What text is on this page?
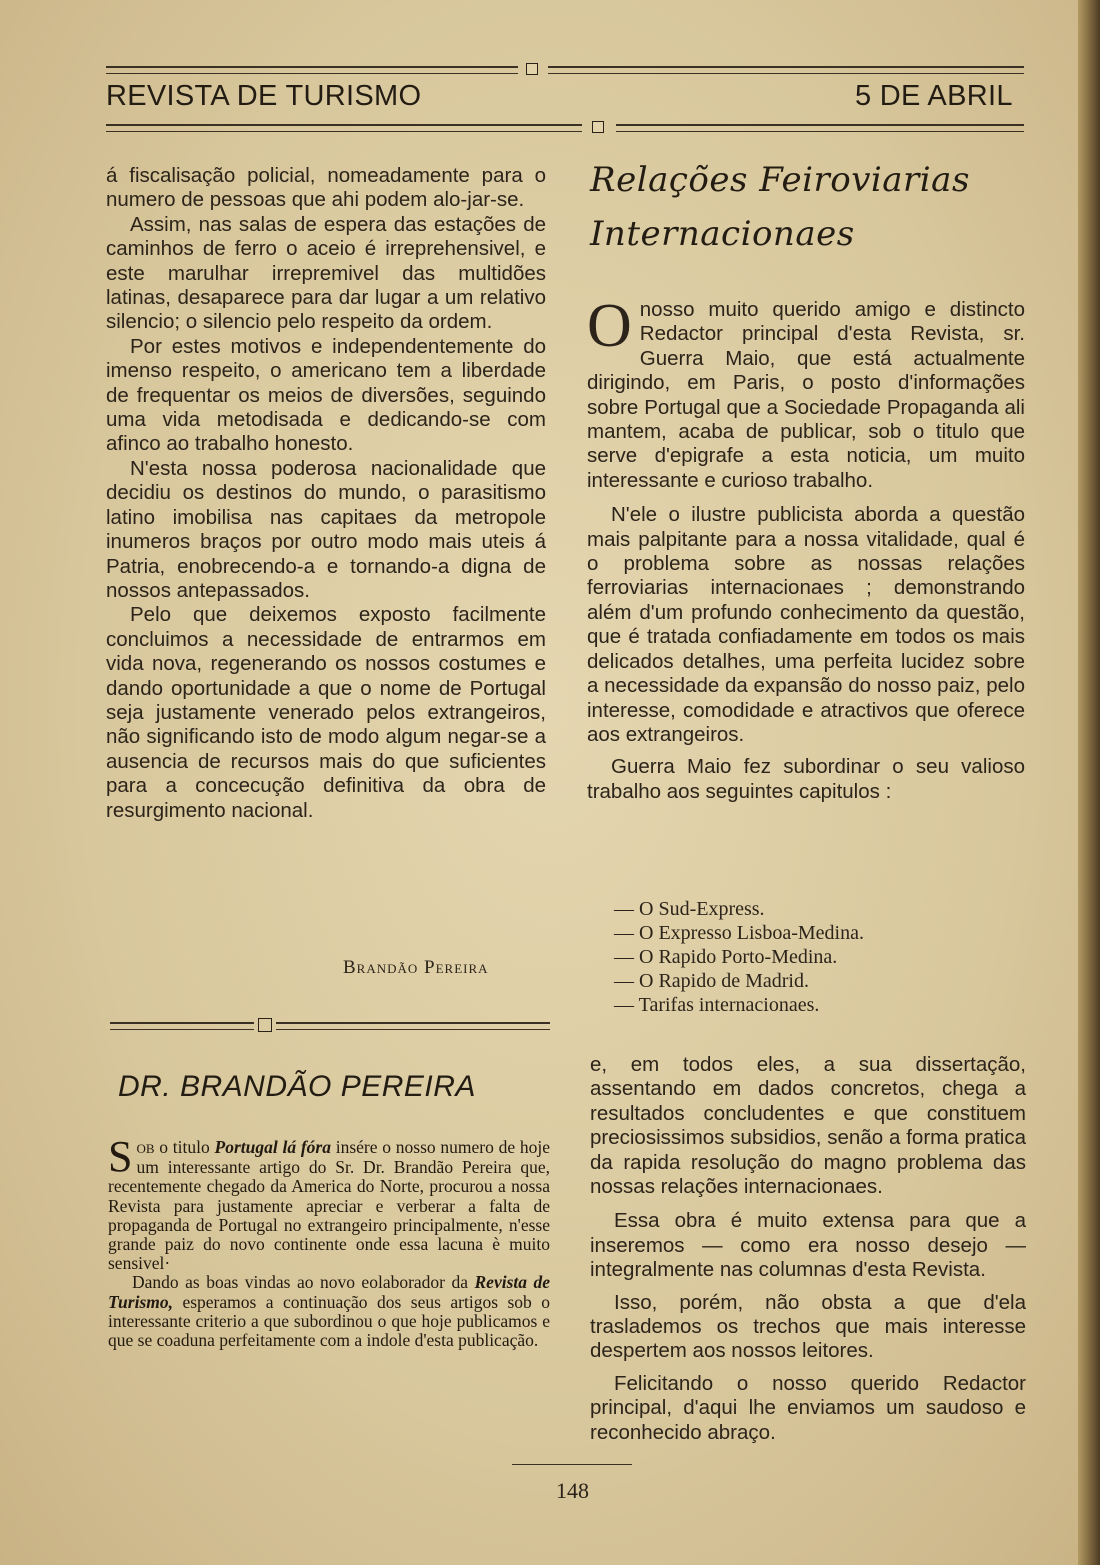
REVISTA DE TURISMO	5 DE ABRIL

á fiscalisação policial, nomeadamente para o numero de pessoas que ahi podem alo-jar-se.

Assim, nas salas de espera das estações de caminhos de ferro o aceio é irreprehensivel, e este marulhar irrepremivel das multidões latinas, desaparece para dar lugar a um relativo silencio; o silencio pelo respeito da ordem.

Por estes motivos e independentemente do imenso respeito, o americano tem a liberdade de frequentar os meios de diversões, seguindo uma vida metodisada e dedicando-se com afinco ao trabalho honesto.

N'esta nossa poderosa nacionalidade que decidiu os destinos do mundo, o parasitismo latino imobilisa nas capitaes da metropole inumeros braços por outro modo mais uteis á Patria, enobrecendo-a e tornando-a digna de nossos antepassados.

Pelo que deixemos exposto facilmente concluimos a necessidade de entrarmos em vida nova, regenerando os nossos costumes e dando oportunidade a que o nome de Portugal seja justamente venerado pelos extrangeiros, não significando isto de modo algum negar-se a ausencia de recursos mais do que suficientes para a concecução definitiva da obra de resurgimento nacional.

Brandão Pereira
DR. BRANDÃO PEREIRA

SOB o titulo Portugal lá fóra insére o nosso numero de hoje um interessante artigo do Sr. Dr. Brandão Pereira que, recentemente chegado da America do Norte, procurou a nossa Revista para justamente apreciar e verberar a falta de propaganda de Portugal no extrangeiro principalmente, n'esse grande paiz do novo continente onde essa lacuna è muito sensivel·

Dando as boas vindas ao novo eolaborador da Revista de Turismo, esperamos a continuação dos seus artigos sob o interessante criterio a que subordinou o que hoje publicamos e que se coaduna perfeitamente com a indole d'esta publicação.

Relações Feiroviarias
Internacionaes

Onosso muito querido amigo e distincto Redactor principal d'esta Revista, sr. Guerra Maio, que está actualmente dirigindo, em Paris, o posto d'informações sobre Portugal que a Sociedade Propaganda ali mantem, acaba de publicar, sob o titulo que serve d'epigrafe a esta noticia, um muito interessante e curioso trabalho.

N'ele o ilustre publicista aborda a questão mais palpitante para a nossa vitalidade, qual é o problema sobre as nossas relações ferroviarias internacionaes ; demonstrando além d'um profundo conhecimento da questão, que é tratada confiadamente em todos os mais delicados detalhes, uma perfeita lucidez sobre a necessidade da expansão do nosso paiz, pelo interesse, comodidade e atractivos que oferece aos extrangeiros.

Guerra Maio fez subordinar o seu valioso trabalho aos seguintes capitulos :

— O Sud-Express.
— O Expresso Lisboa-Medina.
— O Rapido Porto-Medina.
— O Rapido de Madrid.
— Tarifas internacionaes.

e, em todos eles, a sua dissertação, assentando em dados concretos, chega a resultados concludentes e que constituem preciosissimos subsidios, senão a forma pratica da rapida resolução do magno problema das nossas relações internacionaes.

Essa obra é muito extensa para que a inseremos — como era nosso desejo — integralmente nas columnas d'esta Revista.

Isso, porém, não obsta a que d'ela traslademos os trechos que mais interesse despertem aos nossos leitores.

Felicitando o nosso querido Redactor principal, d'aqui lhe enviamos um saudoso e reconhecido abraço.

148
